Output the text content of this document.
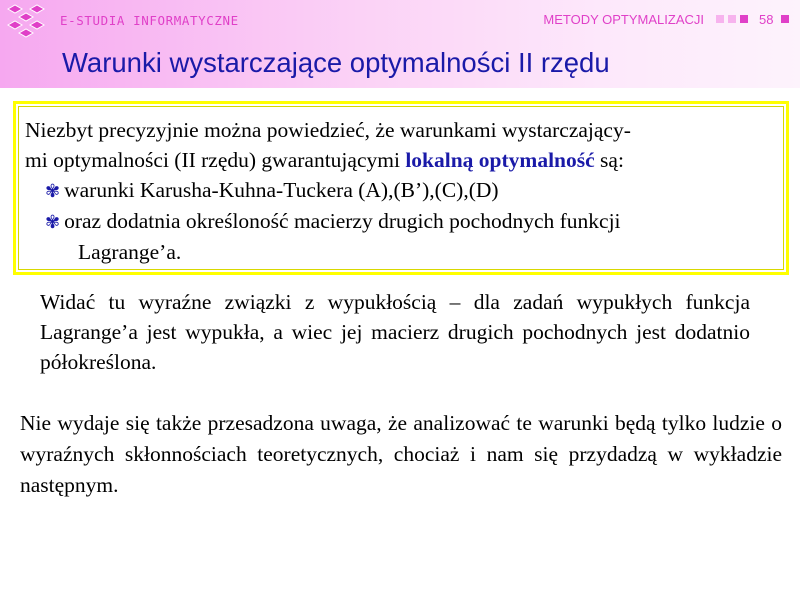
E-STUDIA INFORMATYCZNE	METODY OPTYMALIZACJI	58
Warunki wystarczające optymalności II rzędu
Niezbyt precyzyjnie można powiedzieć, że warunkami wystarczający-
mi optymalności (II rzędu) gwarantującymi lokalną optymalność są:
✾ warunki Karusha-Kuhna-Tuckera (A),(B’),(C),(D)
✾ oraz dodatnia określoność macierzy drugich pochodnych funkcji
Lagrange’a.
Widać tu wyraźne związki z wypukłością – dla zadań wypukłych funkcja Lagrange’a jest wypukła, a wiec jej macierz drugich pochodnych jest dodatnio półokreślona.
Nie wydaje się także przesadzona uwaga, że analizować te warunki będą tylko ludzie o wyraźnych skłonnościach teoretycznych, chociaż i nam się przydadzą w wykładzie następnym.
